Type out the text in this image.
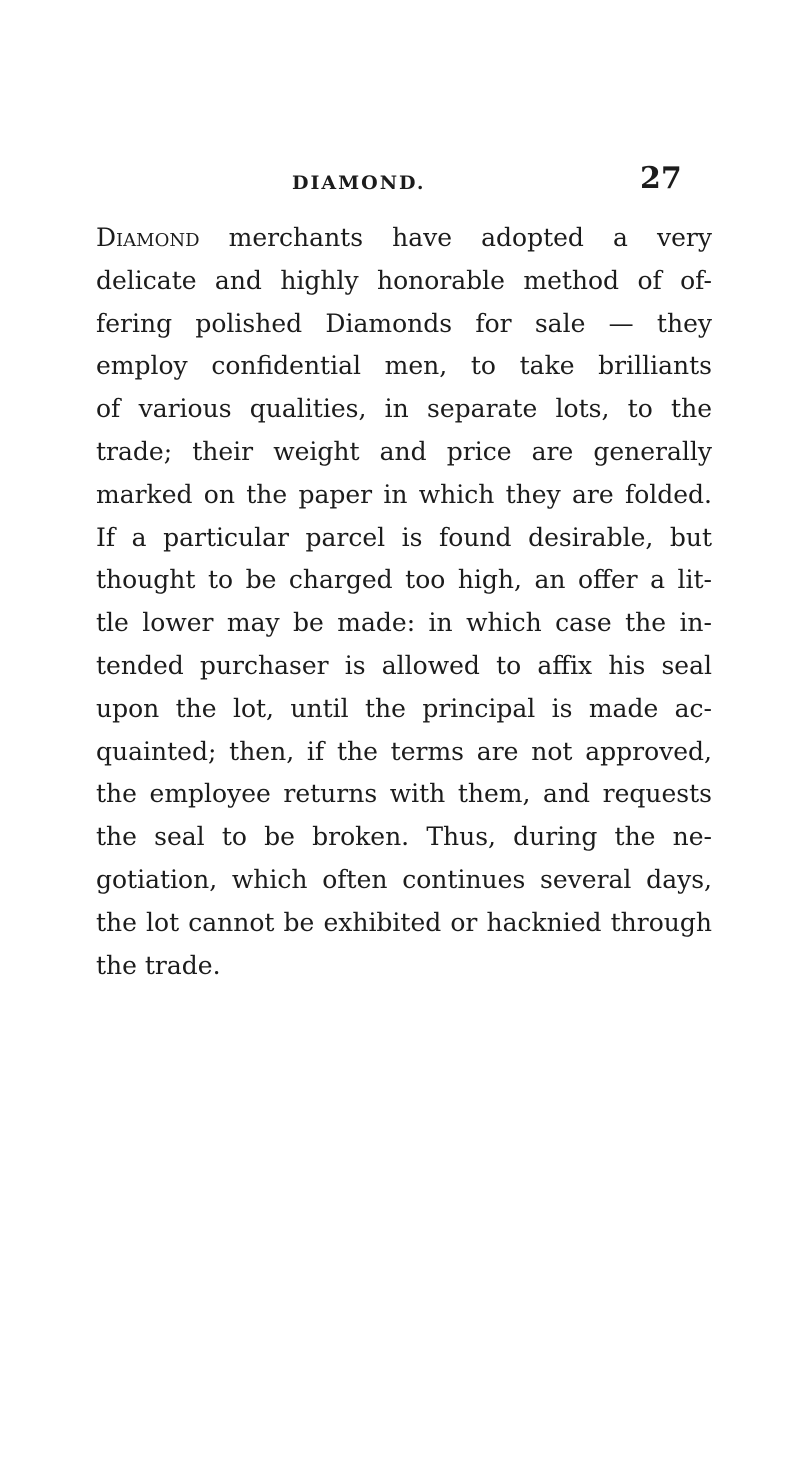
DIAMOND.	27
Diamond merchants have adopted a very
delicate and highly honorable method of of-
fering polished Diamonds for sale — they
employ confidential men, to take brilliants
of various qualities, in separate lots, to the
trade; their weight and price are generally
marked on the paper in which they are folded.
If a particular parcel is found desirable, but
thought to be charged too high, an offer a lit-
tle lower may be made: in which case the in-
tended purchaser is allowed to affix his seal
upon the lot, until the principal is made ac-
quainted; then, if the terms are not approved,
the employee returns with them, and requests
the seal to be broken. Thus, during the ne-
gotiation, which often continues several days,
the lot cannot be exhibited or hacknied through
the trade.
